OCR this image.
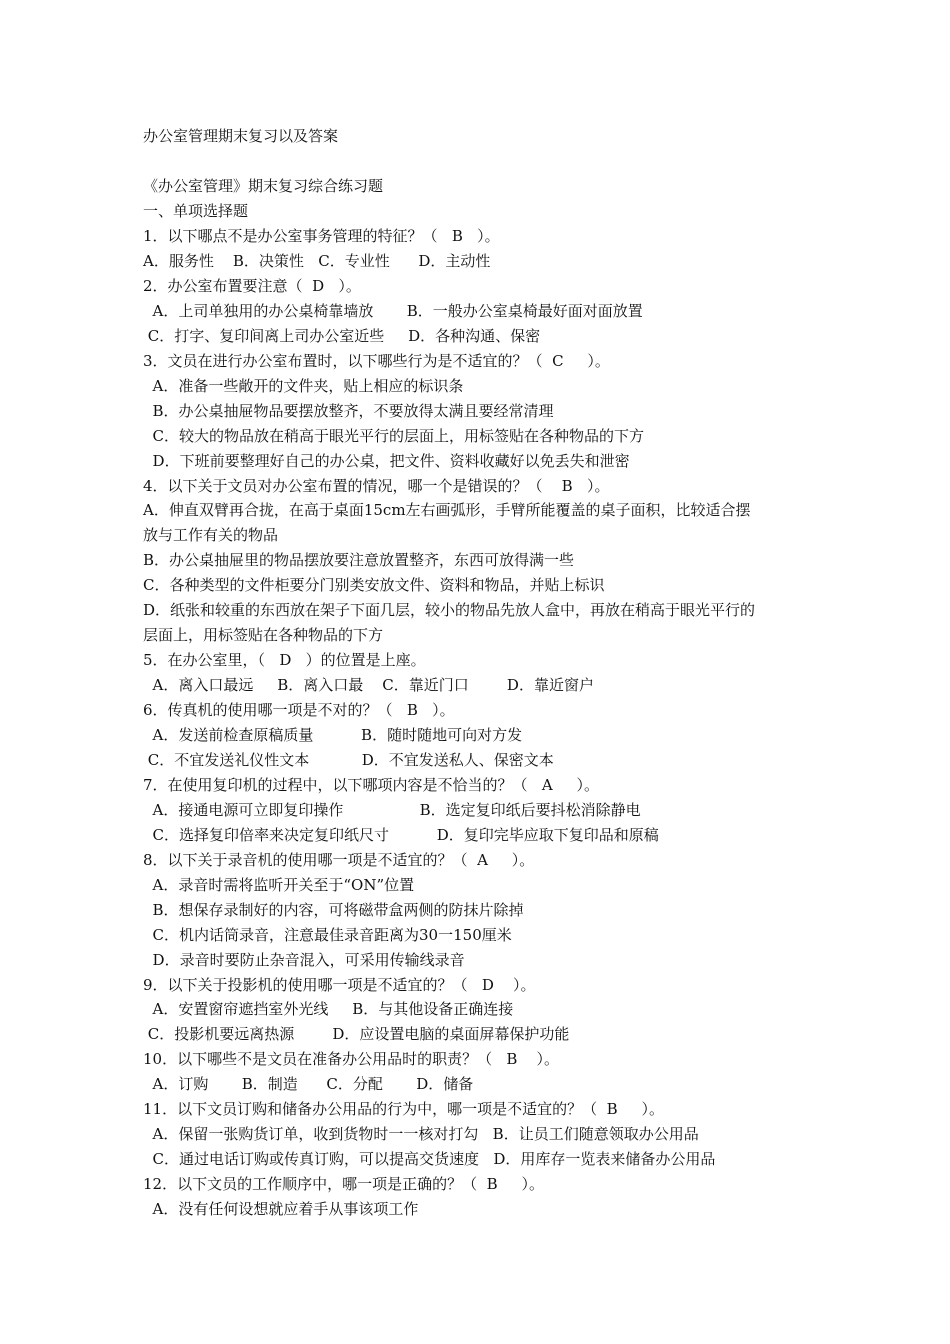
办公室管理期末复习以及答案
《办公室管理》期末复习综合练习题
一、单项选择题
1．以下哪点不是办公室事务管理的特征？（   B   ）。
A．服务性    B．决策性   C．专业性      D．主动性
2．办公室布置要注意（  D   ）。
A．上司单独用的办公桌椅靠墙放       B．一般办公室桌椅最好面对面放置
C．打字、复印间离上司办公室近些     D．各种沟通、保密
3．文员在进行办公室布置时，以下哪些行为是不适宜的？（  C     ）。
A．准备一些敞开的文件夹，贴上相应的标识条
B．办公桌抽屉物品要摆放整齐，不要放得太满且要经常清理
C．较大的物品放在稍高于眼光平行的层面上，用标签贴在各种物品的下方
D．下班前要整理好自己的办公桌，把文件、资料收藏好以免丢失和泄密
4．以下关于文员对办公室布置的情况，哪一个是错误的？（    B   ）。
A．伸直双臂再合拢，在高于桌面15cm左右画弧形，手臂所能覆盖的桌子面积，比较适合摆
放与工作有关的物品
B．办公桌抽屉里的物品摆放要注意放置整齐，东西可放得满一些
C．各种类型的文件柜要分门别类安放文件、资料和物品，并贴上标识
D．纸张和较重的东西放在架子下面几层，较小的物品先放人盒中，再放在稍高于眼光平行的
层面上，用标签贴在各种物品的下方
5．在办公室里，（   D   ）的位置是上座。
A．离入口最远     B．离入口最    C．靠近门口        D．靠近窗户
6．传真机的使用哪一项是不对的？（   B   ）。
A．发送前检查原稿质量          B．随时随地可向对方发
C．不宜发送礼仪性文本           D．不宜发送私人、保密文本
7．在使用复印机的过程中，以下哪项内容是不恰当的？（   A     ）。
A．接通电源可立即复印操作                B．选定复印纸后要抖松消除静电
C．选择复印倍率来决定复印纸尺寸          D．复印完毕应取下复印品和原稿
8．以下关于录音机的使用哪一项是不适宜的？（  A     ）。
A．录音时需将监听开关至于“ON”位置
B．想保存录制好的内容，可将磁带盒两侧的防抹片除掉
C．机内话筒录音，注意最佳录音距离为30一150厘米
D．录音时要防止杂音混入，可采用传输线录音
9．以下关于投影机的使用哪一项是不适宜的？（   D    ）。
A．安置窗帘遮挡室外光线     B．与其他设备正确连接
C．投影机要远离热源        D．应设置电脑的桌面屏幕保护功能
10．以下哪些不是文员在准备办公用品时的职责？（   B    ）。
A．订购       B．制造      C．分配       D．储备
11．以下文员订购和储备办公用品的行为中，哪一项是不适宜的？（  B     ）。
A．保留一张购货订单，收到货物时一一核对打勾   B．让员工们随意领取办公用品
C．通过电话订购或传真订购，可以提高交货速度   D．用库存一览表来储备办公用品
12．以下文员的工作顺序中，哪一项是正确的？（  B     ）。
A．没有任何设想就应着手从事该项工作
